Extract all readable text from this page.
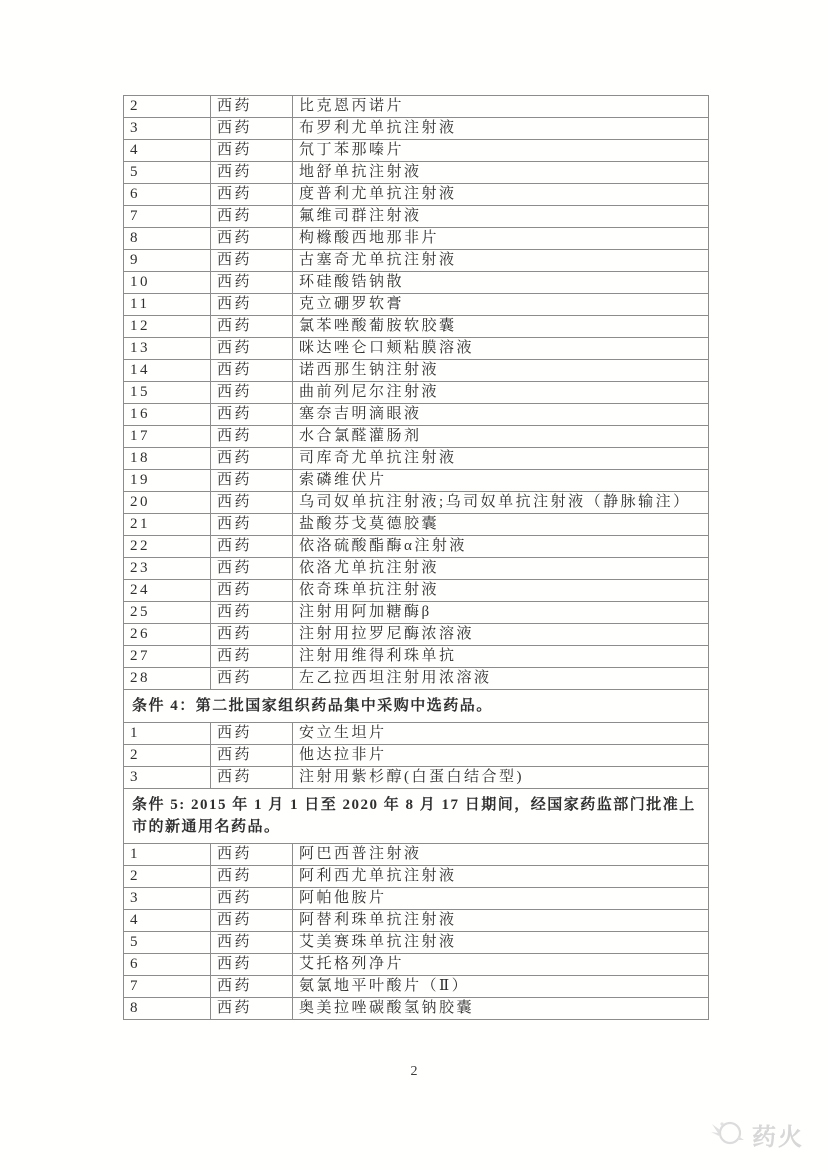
2	西药	比克恩丙诺片
3	西药	布罗利尤单抗注射液
4	西药	氘丁苯那嗪片
5	西药	地舒单抗注射液
6	西药	度普利尤单抗注射液
7	西药	氟维司群注射液
8	西药	枸橼酸西地那非片
9	西药	古塞奇尤单抗注射液
10	西药	环硅酸锆钠散
11	西药	克立硼罗软膏
12	西药	氯苯唑酸葡胺软胶囊
13	西药	咪达唑仑口颊粘膜溶液
14	西药	诺西那生钠注射液
15	西药	曲前列尼尔注射液
16	西药	塞奈吉明滴眼液
17	西药	水合氯醛灌肠剂
18	西药	司库奇尤单抗注射液
19	西药	索磷维伏片
20	西药	乌司奴单抗注射液;乌司奴单抗注射液（静脉输注）
21	西药	盐酸芬戈莫德胶囊
22	西药	依洛硫酸酯酶α注射液
23	西药	依洛尤单抗注射液
24	西药	依奇珠单抗注射液
25	西药	注射用阿加糖酶β
26	西药	注射用拉罗尼酶浓溶液
27	西药	注射用维得利珠单抗
28	西药	左乙拉西坦注射用浓溶液
条件 4：第二批国家组织药品集中采购中选药品。		
1	西药	安立生坦片
2	西药	他达拉非片
3	西药	注射用紫杉醇(白蛋白结合型)
条件 5: 2015 年 1 月 1 日至 2020 年 8 月 17 日期间，经国家药监部门批准上市的新通用名药品。		
1	西药	阿巴西普注射液
2	西药	阿利西尤单抗注射液
3	西药	阿帕他胺片
4	西药	阿替利珠单抗注射液
5	西药	艾美赛珠单抗注射液
6	西药	艾托格列净片
7	西药	氨氯地平叶酸片（Ⅱ）
8	西药	奥美拉唑碳酸氢钠胶囊
2
药火
